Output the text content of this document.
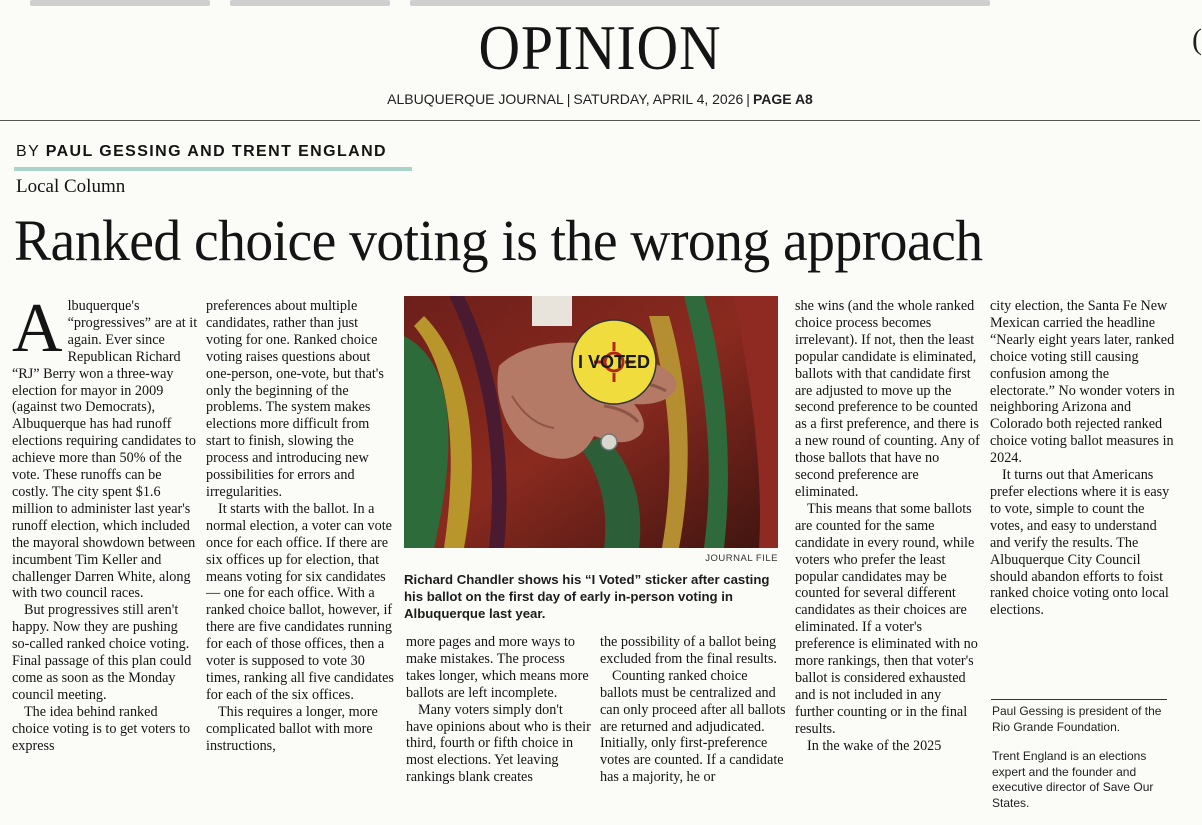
OPINION	(
ALBUQUERQUE JOURNAL | SATURDAY, APRIL 4, 2026 | PAGE A8
BY PAUL GESSING AND TRENT ENGLAND
Local Column
Ranked choice voting is the wrong approach

Albuquerque's “progressives” are at it again. Ever since Republican Richard “RJ” Berry won a three-way election for mayor in 2009 (against two Democrats), Albuquerque has had runoff elections requiring candidates to achieve more than 50% of the vote. These runoffs can be costly. The city spent $1.6 million to administer last year's runoff election, which included the mayoral showdown between incumbent Tim Keller and challenger Darren White, along with two council races.

But progressives still aren't happy. Now they are pushing so-called ranked choice voting. Final passage of this plan could come as soon as the Monday council meeting.

The idea behind ranked choice voting is to get voters to express

preferences about multiple candidates, rather than just voting for one. Ranked choice voting raises questions about one-person, one-vote, but that's only the beginning of the problems. The system makes elections more difficult from start to finish, slowing the process and introducing new possibilities for errors and irregularities.

It starts with the ballot. In a normal election, a voter can vote once for each office. If there are six offices up for election, that means voting for six candidates — one for each office. With a ranked choice ballot, however, if there are five candidates running for each of those offices, then a voter is supposed to vote 30 times, ranking all five candidates for each of the six offices.

This requires a longer, more complicated ballot with more instructions,

I VOTED
JOURNAL FILE
Richard Chandler shows his “I Voted” sticker after casting his ballot on the first day of early in-person voting in Albuquerque last year.

more pages and more ways to make mistakes. The process takes longer, which means more ballots are left incomplete.

Many voters simply don't have opinions about who is their third, fourth or fifth choice in most elections. Yet leaving rankings blank creates

the possibility of a ballot being excluded from the final results.

Counting ranked choice ballots must be centralized and can only proceed after all ballots are returned and adjudicated. Initially, only first-preference votes are counted. If a candidate has a majority, he or

she wins (and the whole ranked choice process becomes irrelevant). If not, then the least popular candidate is eliminated, ballots with that candidate first are adjusted to move up the second preference to be counted as a first preference, and there is a new round of counting. Any of those ballots that have no second preference are eliminated.

This means that some ballots are counted for the same candidate in every round, while voters who prefer the least popular candidates may be counted for several different candidates as their choices are eliminated. If a voter's preference is eliminated with no more rankings, then that voter's ballot is considered exhausted and is not included in any further counting or in the final results.

In the wake of the 2025

city election, the Santa Fe New Mexican carried the headline “Nearly eight years later, ranked choice voting still causing confusion among the electorate.” No wonder voters in neighboring Arizona and Colorado both rejected ranked choice voting ballot measures in 2024.

It turns out that Americans prefer elections where it is easy to vote, simple to count the votes, and easy to understand and verify the results. The Albuquerque City Council should abandon efforts to foist ranked choice voting onto local elections.

Paul Gessing is president of the Rio Grande Foundation.

Trent England is an elections expert and the founder and executive director of Save Our States.
